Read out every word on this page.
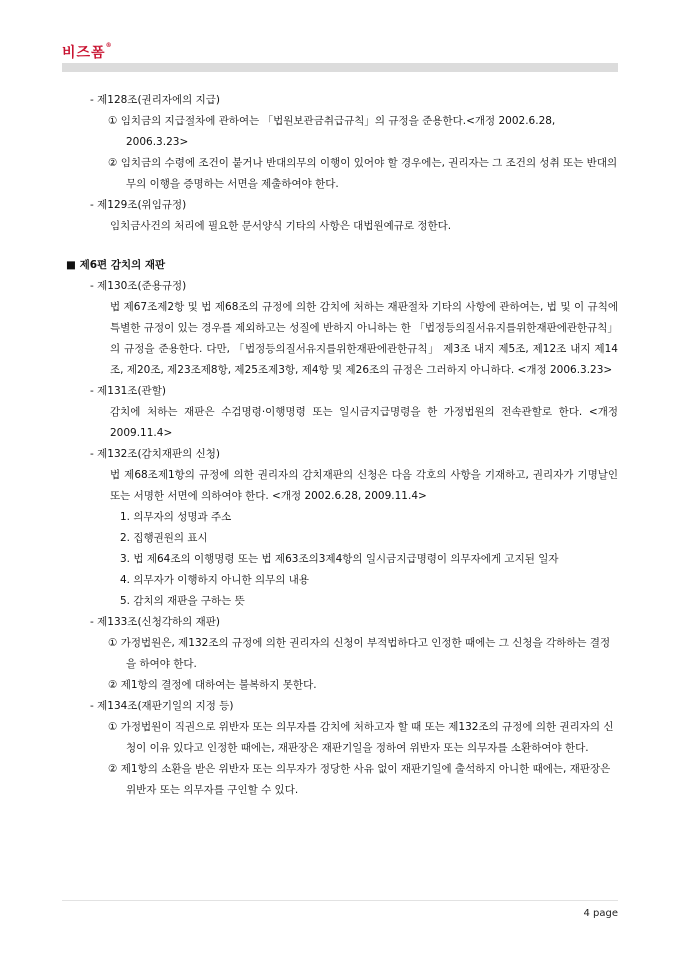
비즈폼®
- 제128조(권리자에의 지급)
① 임치금의 지급절차에 관하여는 「법원보관금취급규칙」의 규정을 준용한다.<개정 2002.6.28, 2006.3.23>
② 임치금의 수령에 조건이 붙거나 반대의무의 이행이 있어야 할 경우에는, 권리자는 그 조건의 성취 또는 반대의무의 이행을 증명하는 서면을 제출하여야 한다.
- 제129조(위임규정)
임치금사건의 처리에 필요한 문서양식 기타의 사항은 대법원예규로 정한다.
■ 제6편 감치의 재판
- 제130조(준용규정)
법 제67조제2항 및 법 제68조의 규정에 의한 감치에 처하는 재판절차 기타의 사항에 관하여는, 법 및 이 규칙에 특별한 규정이 있는 경우를 제외하고는 성질에 반하지 아니하는 한 「법정등의질서유지를위한재판에관한규칙」의 규정을 준용한다. 다만, 「법정등의질서유지를위한재판에관한규칙」 제3조 내지 제5조, 제12조 내지 제14조, 제20조, 제23조제8항, 제25조제3항, 제4항 및 제26조의 규정은 그러하지 아니하다. <개정 2006.3.23>
- 제131조(관할)
감치에 처하는 재판은 수검명령·이행명령 또는 일시금지급명령을 한 가정법원의 전속관할로 한다. <개정 2009.11.4>
- 제132조(감치재판의 신청)
법 제68조제1항의 규정에 의한 권리자의 감치재판의 신청은 다음 각호의 사항을 기재하고, 권리자가 기명날인 또는 서명한 서면에 의하여야 한다. <개정 2002.6.28, 2009.11.4>
1. 의무자의 성명과 주소
2. 집행권원의 표시
3. 법 제64조의 이행명령 또는 법 제63조의3제4항의 일시금지급명령이 의무자에게 고지된 일자
4. 의무자가 이행하지 아니한 의무의 내용
5. 감치의 재판을 구하는 뜻
- 제133조(신청각하의 재판)
① 가정법원은, 제132조의 규정에 의한 권리자의 신청이 부적법하다고 인정한 때에는 그 신청을 각하하는 결정을 하여야 한다.
② 제1항의 결정에 대하여는 불복하지 못한다.
- 제134조(재판기일의 지정 등)
① 가정법원이 직권으로 위반자 또는 의무자를 감치에 처하고자 할 때 또는 제132조의 규정에 의한 권리자의 신청이 이유 있다고 인정한 때에는, 재판장은 재판기일을 정하여 위반자 또는 의무자를 소환하여야 한다.
② 제1항의 소환을 받은 위반자 또는 의무자가 정당한 사유 없이 재판기일에 출석하지 아니한 때에는, 재판장은 위반자 또는 의무자를 구인할 수 있다.
4 page
